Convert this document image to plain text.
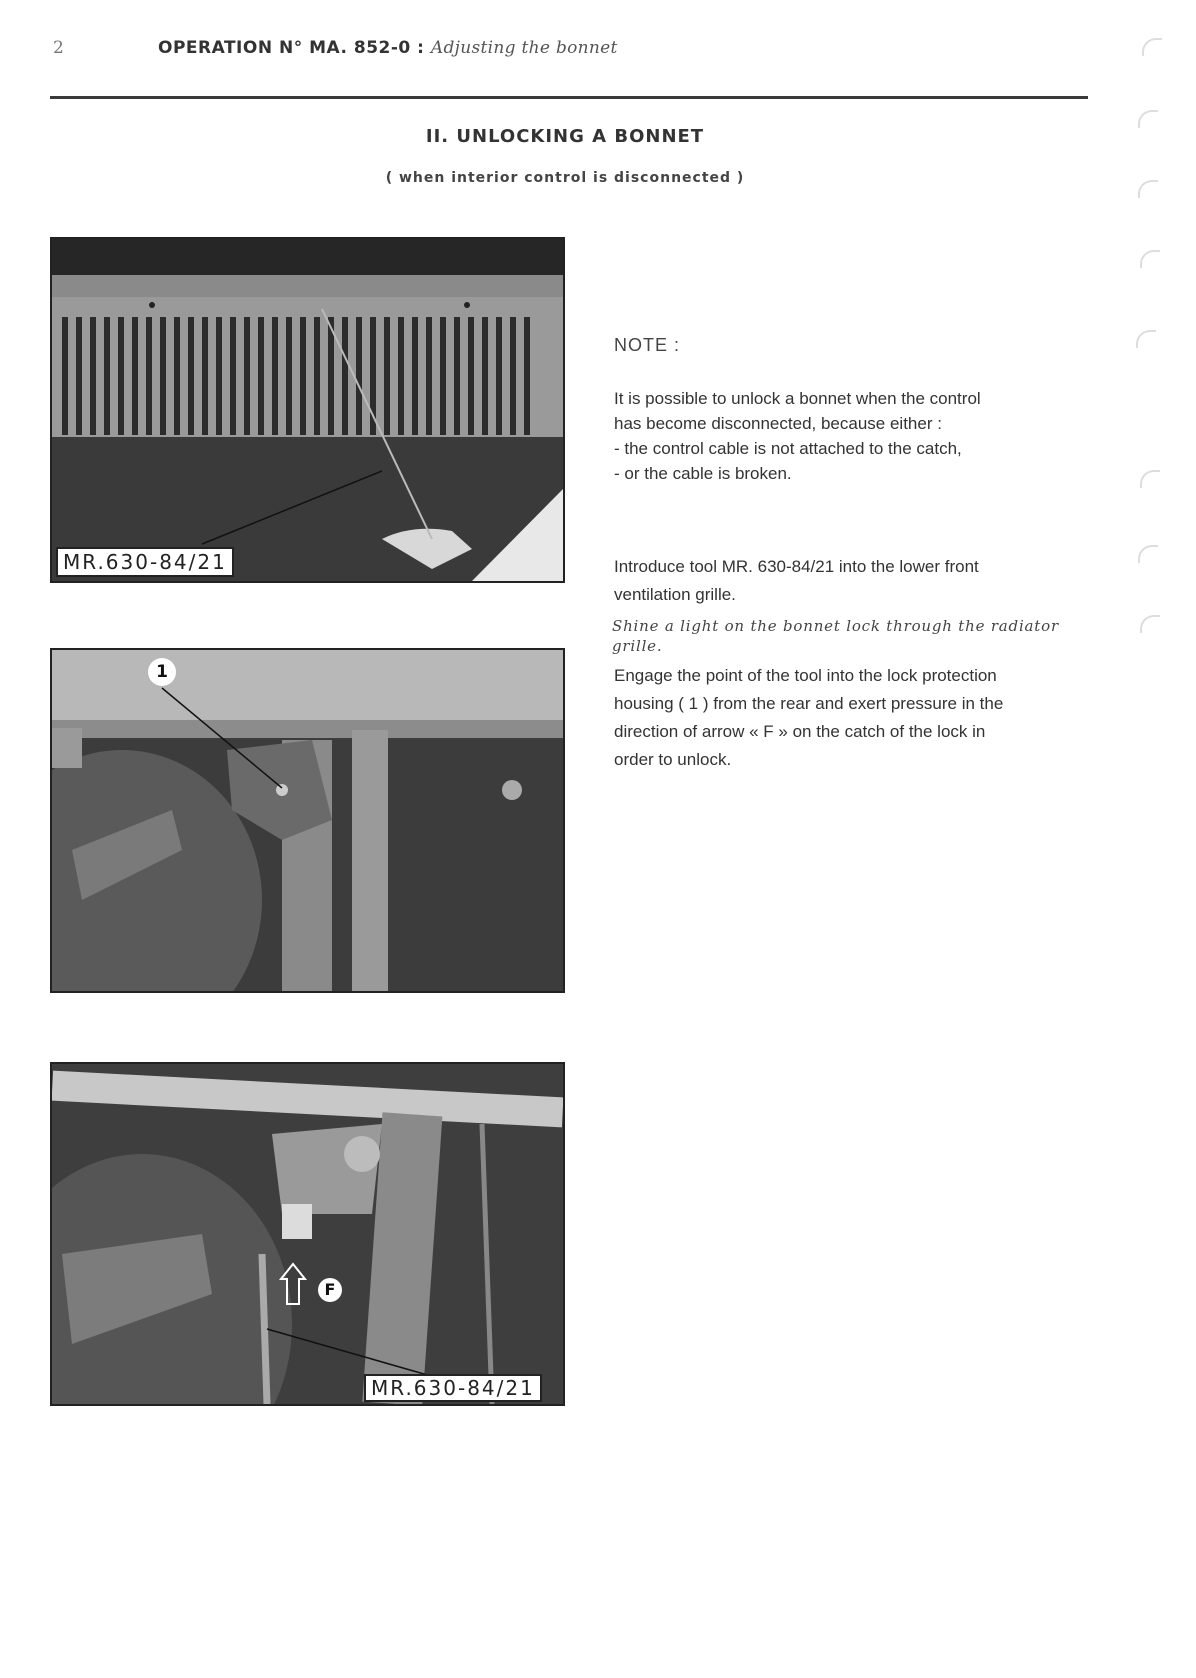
2	OPERATION N° MA. 852-0 : Adjusting the bonnet
II. UNLOCKING A BONNET
( when interior control is disconnected )
MR.630-84/21
1
F
MR.630-84/21
NOTE :
It is possible to unlock a bonnet when the control
has become disconnected, because either :
- the control cable is not attached to the catch,
- or the cable is broken.
Introduce tool MR. 630-84/21 into the lower front
ventilation grille.
Shine a light on the bonnet lock through the radiator
grille.
Engage the point of the tool into the lock protection
housing ( 1 ) from the rear and exert pressure in the
direction of arrow « F » on the catch of the lock in
order to unlock.
